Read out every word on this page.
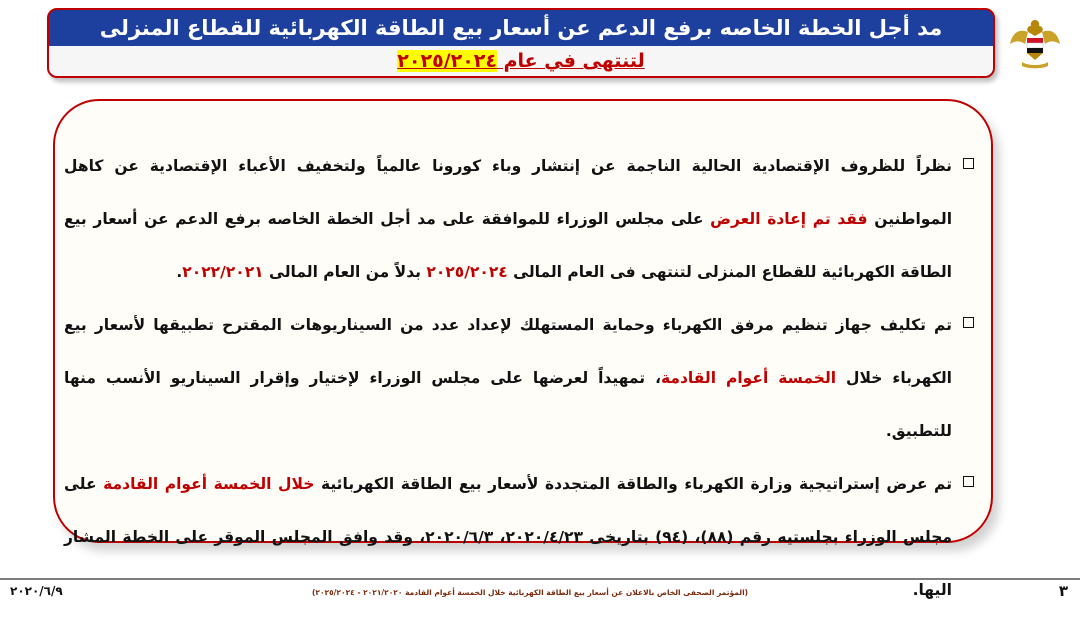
مد أجل الخطة الخاصه برفع الدعم عن أسعار بيع الطاقة الكهربائية للقطاع المنزلى
لتنتهى في عام ٢٠٢٥/٢٠٢٤

نظراً للظروف الإقتصادية الحالية الناجمة عن إنتشار وباء كورونا عالمياً ولتخفيف الأعباء الإقتصادية عن كاهل المواطنين فقد تم إعادة العرض على مجلس الوزراء للموافقة على مد أجل الخطة الخاصه برفع الدعم عن أسعار بيع الطاقة الكهربائية للقطاع المنزلى لتنتهى فى العام المالى ٢٠٢٥/٢٠٢٤ بدلاً من العام المالى ٢٠٢٢/٢٠٢١.

تم تكليف جهاز تنظيم مرفق الكهرباء وحماية المستهلك لإعداد عدد من السيناريوهات المقترح تطبيقها لأسعار بيع الكهرباء خلال الخمسة أعوام القادمة، تمهيداً لعرضها على مجلس الوزراء لإختيار وإقرار السيناريو الأنسب منها للتطبيق.

تم عرض إستراتيجية وزارة الكهرباء والطاقة المتجددة لأسعار بيع الطاقة الكهربائية خلال الخمسة أعوام القادمة على مجلس الوزراء بجلستيه رقم (٨٨)، (٩٤) بتاريخى ٢٠٢٠/٤/٢٣، ٢٠٢٠/٦/٣، وقد وافق المجلس الموقر على الخطة المشار اليها.

٢٠٢٠/٦/٩	(المؤتمر الصحفى الخاص بالاعلان عن أسعار بيع الطاقة الكهربائية خلال الخمسة أعوام القادمة ٢٠٢١/٢٠٢٠ - ٢٠٢٥/٢٠٢٤)	٣
